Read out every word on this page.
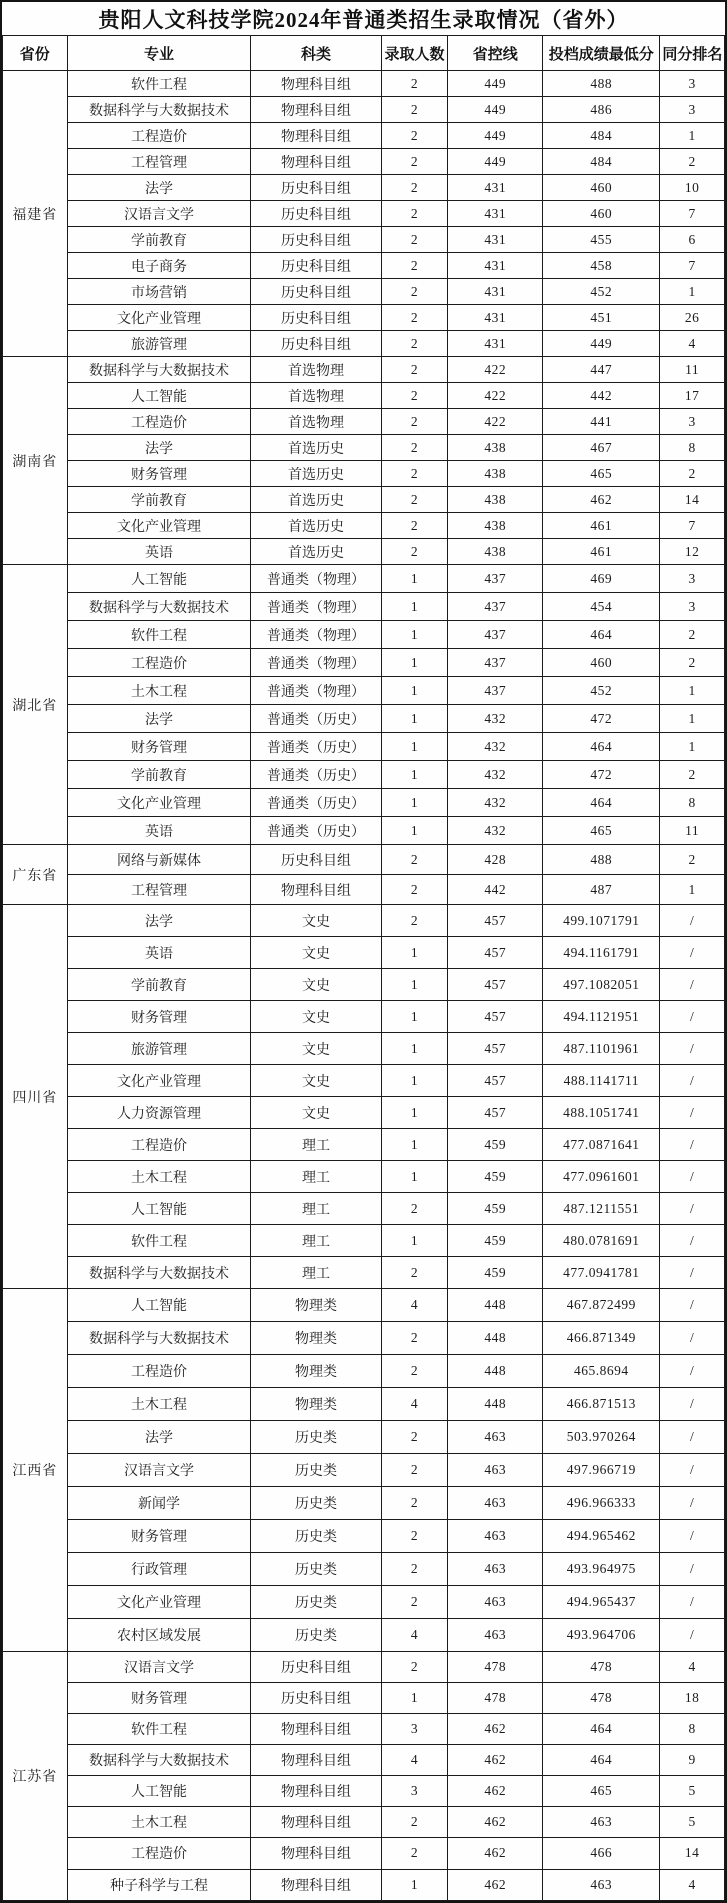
贵阳人文科技学院2024年普通类招生录取情况（省外）
省份	专业	科类	录取人数	省控线	投档成绩最低分	同分排名
福建省	软件工程	物理科目组	2	449	488	3
	数据科学与大数据技术	物理科目组	2	449	486	3
	工程造价	物理科目组	2	449	484	1
	工程管理	物理科目组	2	449	484	2
	法学	历史科目组	2	431	460	10
	汉语言文学	历史科目组	2	431	460	7
	学前教育	历史科目组	2	431	455	6
	电子商务	历史科目组	2	431	458	7
	市场营销	历史科目组	2	431	452	1
	文化产业管理	历史科目组	2	431	451	26
	旅游管理	历史科目组	2	431	449	4
湖南省	数据科学与大数据技术	首选物理	2	422	447	11
	人工智能	首选物理	2	422	442	17
	工程造价	首选物理	2	422	441	3
	法学	首选历史	2	438	467	8
	财务管理	首选历史	2	438	465	2
	学前教育	首选历史	2	438	462	14
	文化产业管理	首选历史	2	438	461	7
	英语	首选历史	2	438	461	12
湖北省	人工智能	普通类（物理）	1	437	469	3
	数据科学与大数据技术	普通类（物理）	1	437	454	3
	软件工程	普通类（物理）	1	437	464	2
	工程造价	普通类（物理）	1	437	460	2
	土木工程	普通类（物理）	1	437	452	1
	法学	普通类（历史）	1	432	472	1
	财务管理	普通类（历史）	1	432	464	1
	学前教育	普通类（历史）	1	432	472	2
	文化产业管理	普通类（历史）	1	432	464	8
	英语	普通类（历史）	1	432	465	11
广东省	网络与新媒体	历史科目组	2	428	488	2
	工程管理	物理科目组	2	442	487	1
四川省	法学	文史	2	457	499.1071791	/
	英语	文史	1	457	494.1161791	/
	学前教育	文史	1	457	497.1082051	/
	财务管理	文史	1	457	494.1121951	/
	旅游管理	文史	1	457	487.1101961	/
	文化产业管理	文史	1	457	488.1141711	/
	人力资源管理	文史	1	457	488.1051741	/
	工程造价	理工	1	459	477.0871641	/
	土木工程	理工	1	459	477.0961601	/
	人工智能	理工	2	459	487.1211551	/
	软件工程	理工	1	459	480.0781691	/
	数据科学与大数据技术	理工	2	459	477.0941781	/
江西省	人工智能	物理类	4	448	467.872499	/
	数据科学与大数据技术	物理类	2	448	466.871349	/
	工程造价	物理类	2	448	465.8694	/
	土木工程	物理类	4	448	466.871513	/
	法学	历史类	2	463	503.970264	/
	汉语言文学	历史类	2	463	497.966719	/
	新闻学	历史类	2	463	496.966333	/
	财务管理	历史类	2	463	494.965462	/
	行政管理	历史类	2	463	493.964975	/
	文化产业管理	历史类	2	463	494.965437	/
	农村区域发展	历史类	4	463	493.964706	/
江苏省	汉语言文学	历史科目组	2	478	478	4
	财务管理	历史科目组	1	478	478	18
	软件工程	物理科目组	3	462	464	8
	数据科学与大数据技术	物理科目组	4	462	464	9
	人工智能	物理科目组	3	462	465	5
	土木工程	物理科目组	2	462	463	5
	工程造价	物理科目组	2	462	466	14
	种子科学与工程	物理科目组	1	462	463	4
